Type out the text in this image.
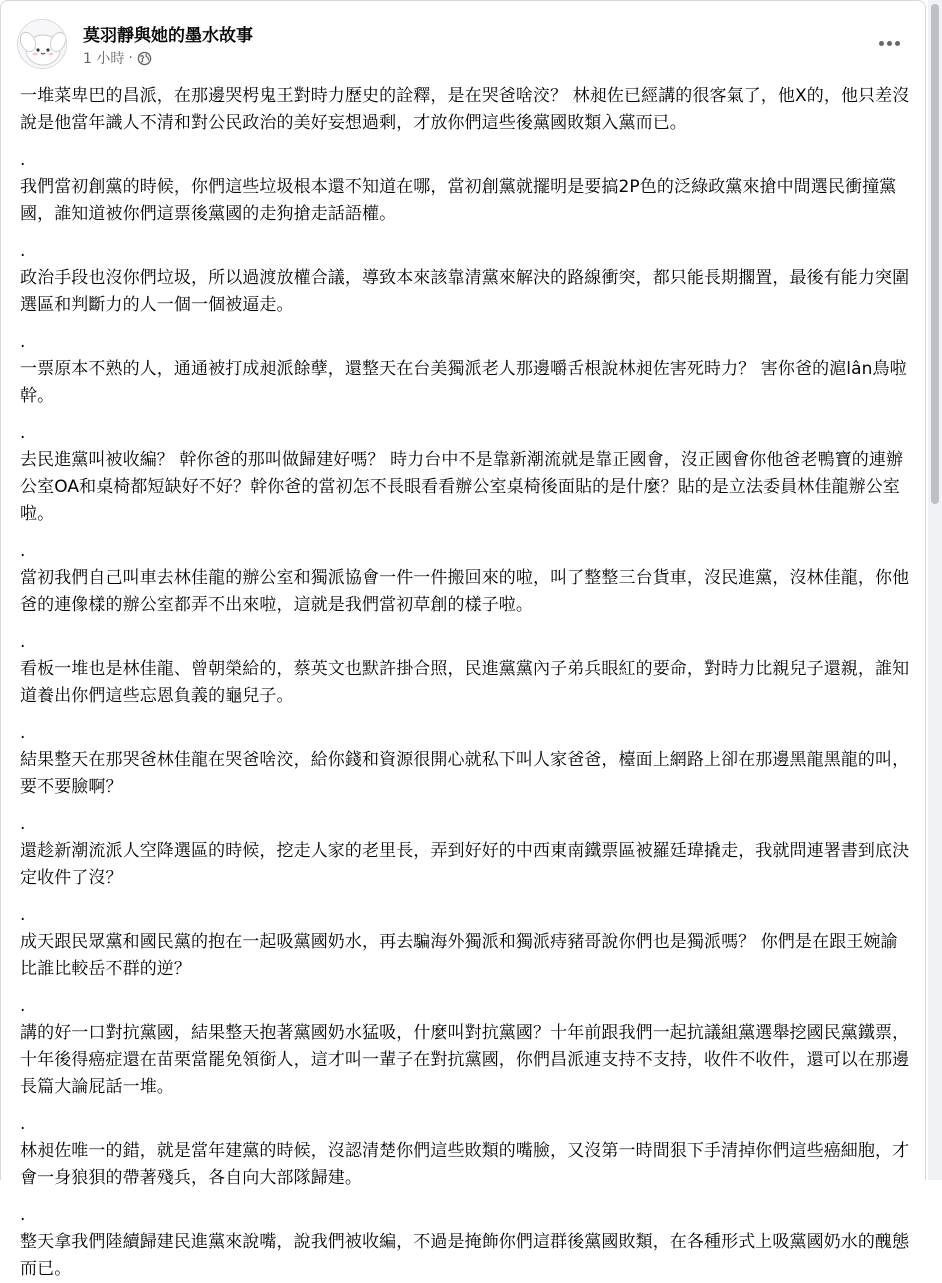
莫羽靜與她的墨水故事
1 小時 ·

一堆菜卑巴的昌派，在那邊哭枵鬼王對時力歷史的詮釋，是在哭爸啥洨？ 林昶佐已經講的很客氣了，他X的，他只差沒說是他當年識人不清和對公民政治的美好妄想過剩，才放你們這些後黨國敗類入黨而已。

.

我們當初創黨的時候，你們這些垃圾根本還不知道在哪，當初創黨就擺明是要搞2P色的泛綠政黨來搶中間選民衝撞黨國，誰知道被你們這票後黨國的走狗搶走話語權。

.

政治手段也沒你們垃圾，所以過渡放權合議，導致本來該靠清黨來解決的路線衝突，都只能長期擱置，最後有能力突圍選區和判斷力的人一個一個被逼走。

.

一票原本不熟的人，通通被打成昶派餘孽，還整天在台美獨派老人那邊嚼舌根說林昶佐害死時力？ 害你爸的滬lân鳥啦幹。

.

去民進黨叫被收編？ 幹你爸的那叫做歸建好嗎？ 時力台中不是靠新潮流就是靠正國會，沒正國會你他爸老鴨寶的連辦公室OA和桌椅都短缺好不好？幹你爸的當初怎不長眼看看辦公室桌椅後面貼的是什麼？貼的是立法委員林佳龍辦公室啦。

.

當初我們自己叫車去林佳龍的辦公室和獨派協會一件一件搬回來的啦，叫了整整三台貨車，沒民進黨，沒林佳龍，你他爸的連像樣的辦公室都弄不出來啦，這就是我們當初草創的樣子啦。

.

看板一堆也是林佳龍、曾朝榮給的，蔡英文也默許掛合照，民進黨黨內子弟兵眼紅的要命，對時力比親兒子還親，誰知道養出你們這些忘恩負義的龜兒子。

.

結果整天在那哭爸林佳龍在哭爸啥洨，給你錢和資源很開心就私下叫人家爸爸，檯面上網路上卻在那邊黑龍黑龍的叫，要不要臉啊？

.

還趁新潮流派人空降選區的時候，挖走人家的老里長，弄到好好的中西東南鐵票區被羅廷瑋撬走，我就問連署書到底決定收件了沒？

.

成天跟民眾黨和國民黨的抱在一起吸黨國奶水，再去騙海外獨派和獨派痔豬哥說你們也是獨派嗎？ 你們是在跟王婉諭比誰比較岳不群的逆？

.

講的好一口對抗黨國，結果整天抱著黨國奶水猛吸，什麼叫對抗黨國？十年前跟我們一起抗議組黨選舉挖國民黨鐵票，十年後得癌症還在苗栗當罷免領銜人，這才叫一輩子在對抗黨國，你們昌派連支持不支持，收件不收件，還可以在那邊長篇大論屁話一堆。

.

林昶佐唯一的錯，就是當年建黨的時候，沒認清楚你們這些敗類的嘴臉，又沒第一時間狠下手清掉你們這些癌細胞，才會一身狼狽的帶著殘兵，各自向大部隊歸建。

.

整天拿我們陸續歸建民進黨來說嘴，說我們被收編，不過是掩飾你們這群後黨國敗類，在各種形式上吸黨國奶水的醜態而已。
